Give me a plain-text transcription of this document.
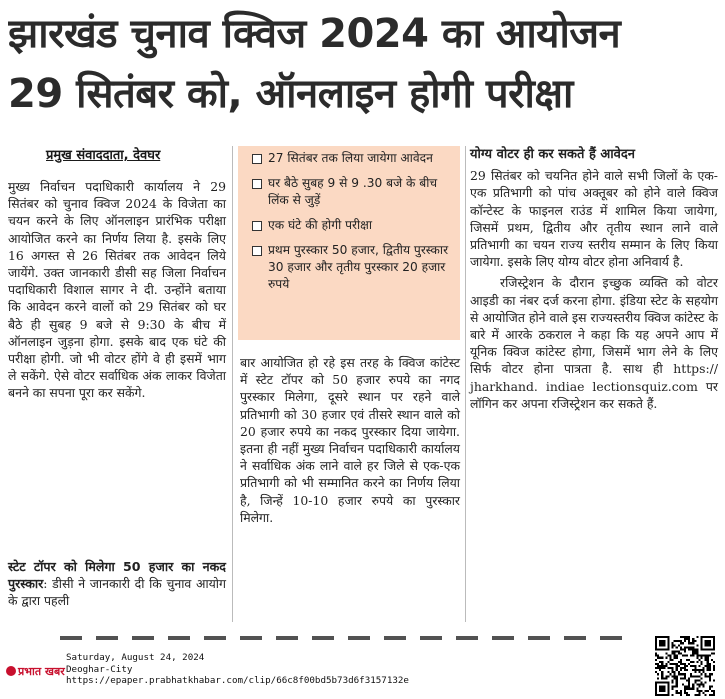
झारखंड चुनाव क्विज 2024 का आयोजन
29 सितंबर को, ऑनलाइन होगी परीक्षा
प्रमुख संवाददाता, देवघर
मुख्य निर्वाचन पदाधिकारी कार्यालय ने 29 सितंबर को चुनाव क्विज 2024 के विजेता का चयन करने के लिए ऑनलाइन प्रारंभिक परीक्षा आयोजित करने का निर्णय लिया है. इसके लिए 16 अगस्त से 26 सितंबर तक आवेदन लिये जायेंगे. उक्त जानकारी डीसी सह जिला निर्वाचन पदाधिकारी विशाल सागर ने दी. उन्होंने बताया कि आवेदन करने वालों को 29 सितंबर को घर बैठे ही सुबह 9 बजे से 9:30 के बीच में ऑनलाइन जुड़ना होगा. इसके बाद एक घंटे की परीक्षा होगी. जो भी वोटर होंगे वे ही इसमें भाग ले सकेंगे. ऐसे वोटर सर्वाधिक अंक लाकर विजेता बनने का सपना पूरा कर सकेंगे.
स्टेट टॉपर को मिलेगा 50 हजार का नकद पुरस्कार: डीसी ने जानकारी दी कि चुनाव आयोग के द्वारा पहली
27 सितंबर तक लिया जायेगा आवेदन
घर बैठे सुबह 9 से 9 .30 बजे के बीच लिंक से जुड़ें
एक घंटे की होगी परीक्षा
प्रथम पुरस्कार 50 हजार, द्वितीय पुरस्कार 30 हजार और तृतीय पुरस्कार 20 हजार रुपये
बार आयोजित हो रहे इस तरह के क्विज कांटेस्ट में स्टेट टॉपर को 50 हजार रुपये का नगद पुरस्कार मिलेगा, दूसरे स्थान पर रहने वाले प्रतिभागी को 30 हजार एवं तीसरे स्थान वाले को 20 हजार रुपये का नकद पुरस्कार दिया जायेगा. इतना ही नहीं मुख्य निर्वाचन पदाधिकारी कार्यालय ने सर्वाधिक अंक लाने वाले हर जिले से एक-एक प्रतिभागी को भी सम्मानित करने का निर्णय लिया है, जिन्हें 10-10 हजार रुपये का पुरस्कार मिलेगा.
योग्य वोटर ही कर सकते हैं आवेदन
29 सितंबर को चयनित होने वाले सभी जिलों के एक-एक प्रतिभागी को पांच अक्तूबर को होने वाले क्विज कॉन्टेस्ट के फाइनल राउंड में शामिल किया जायेगा, जिसमें प्रथम, द्वितीय और तृतीय स्थान लाने वाले प्रतिभागी का चयन राज्य स्तरीय सम्मान के लिए किया जायेगा. इसके लिए योग्य वोटर होना अनिवार्य है.
रजिस्ट्रेशन के दौरान इच्छुक व्यक्ति को वोटर आइडी का नंबर दर्ज करना होगा. इंडिया स्टेट के सहयोग से आयोजित होने वाले इस राज्यस्तरीय क्विज कांटेस्ट के बारे में आरके ठकराल ने कहा कि यह अपने आप में यूनिक क्विज कांटेस्ट होगा, जिसमें भाग लेने के लिए सिर्फ वोटर होना पात्रता है. साथ ही https:// jharkhand. indiae lectionsquiz.com पर लॉगिन कर अपना रजिस्ट्रेशन कर सकते हैं.
प्रभात खबर
Saturday, August 24, 2024
Deoghar-City
https://epaper.prabhatkhabar.com/clip/66c8f00bd5b73d6f3157132e
